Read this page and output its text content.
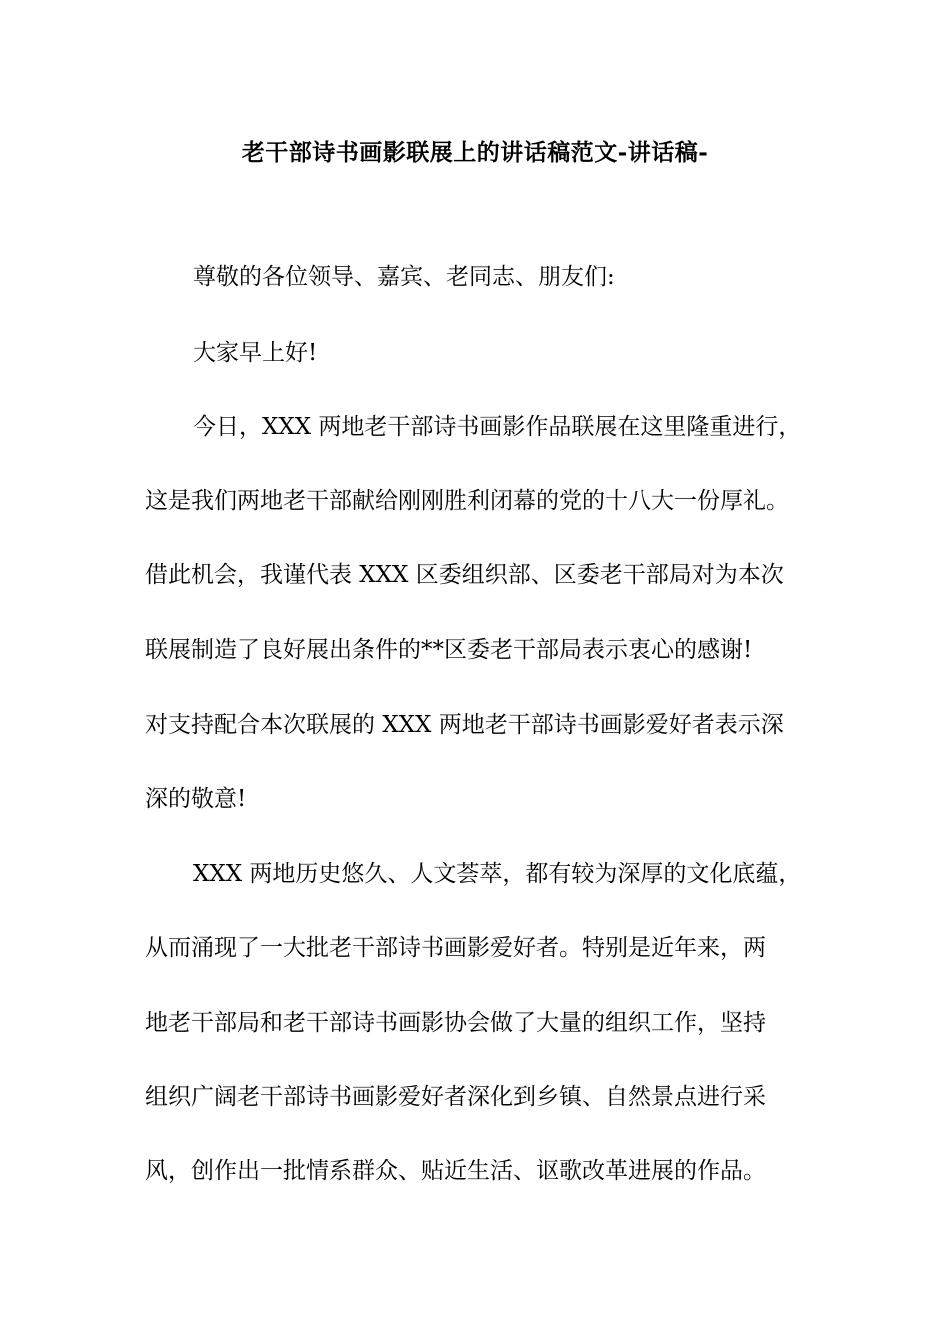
老干部诗书画影联展上的讲话稿范文-讲话稿-
尊敬的各位领导、嘉宾、老同志、朋友们:
大家早上好!
今日，XXX 两地老干部诗书画影作品联展在这里隆重进行，
这是我们两地老干部献给刚刚胜利闭幕的党的十八大一份厚礼。
借此机会，我谨代表 XXX 区委组织部、区委老干部局对为本次
联展制造了良好展出条件的**区委老干部局表示衷心的感谢!
对支持配合本次联展的 XXX 两地老干部诗书画影爱好者表示深
深的敬意!
XXX 两地历史悠久、人文荟萃，都有较为深厚的文化底蕴，
从而涌现了一大批老干部诗书画影爱好者。特别是近年来，两
地老干部局和老干部诗书画影协会做了大量的组织工作，坚持
组织广阔老干部诗书画影爱好者深化到乡镇、自然景点进行采
风，创作出一批情系群众、贴近生活、讴歌改革进展的作品。
